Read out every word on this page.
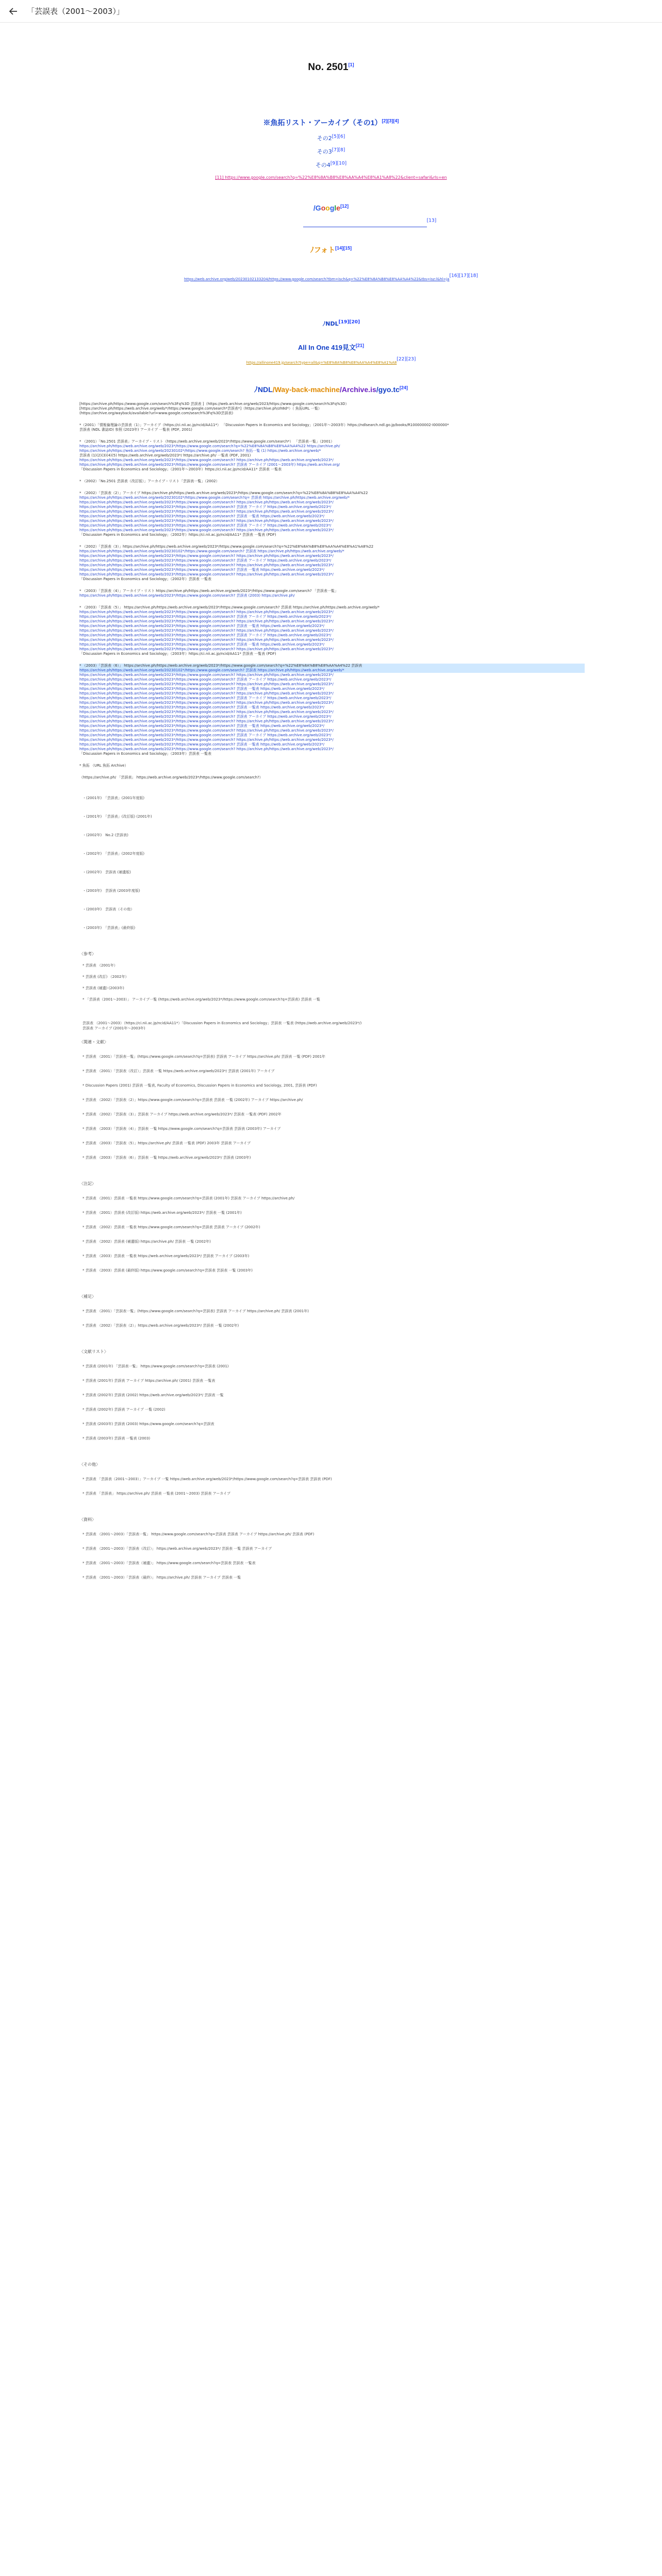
「芸誤表（2001〜2003）」
No. 2501[1]
※魚拓リスト・アーカイブ（その1）[2][3][4]
その2[5][6]
その3[7][8]
その4[9][10]
[11] https://www.google.com/search?q=%22%E8%8A%B8%E8%AA%A4%E8%A1%A8%22&client=safari&rls=en
/Google[12]
[13]
ﾉフォト[14][15]
https://web.archive.org/web/20230102133204/https://www.google.com/search?tbm=isch&q=%22%E8%8A%B8%E8%AA%A4%22&tbs=isz:l&hl=ja[16][17][18]
ﾉNDL[19][20]
All In One 419見文[21]
https://allinone419.jp/search?type=all&q=%E8%8A%B8%E8%AA%A4%E8%A1%A8[22][23]
ﾉNDL/Way-back-machine/Archive.is/gyo.tc[24]
[https://archive.ph/https://www.google.com/search%3Fq%3D 芸誤表 ]（https://web.archive.org/web/2023/https://www.google.com/search%3Fq%3D）
[https://archive.ph/https://web.archive.org/web/*/https://www.google.com/search*芸誤表*]（https://archive.ph/zh8d*）（ 魚拓URL 一覧）
(https://archive.org/wayback/available?url=www.google.com/search%3Fq%3D芸誤表)
*（2001）「情報倫理論の芸誤表（1）」アーカイブ（https://ci.nii.ac.jp/ncid/AA11*） 「Discussion Papers in Economics and Sociology」（2001年～2003年）https://ndlsearch.ndl.go.jp/books/R100000002-I000000*
芸誤表 (NDL 書誌ID) 参照 (2023年) アーカイブ 一覧表 (PDF, 2001)
* （2001）「No.2501 芸誤表」アーカイブ・リスト（https://web.archive.org/web/2023*/https://www.google.com/search*） 「芸誤表一覧」（2001）
https://archive.ph/https://web.archive.org/web/2023*/https://www.google.com/search?q=%22%E8%8A%B8%E8%AA%A4%22 https://archive.ph/
https://archive.ph/https://web.archive.org/web/20230102*/https://www.google.com/search? 魚拓一覧 (1) https://web.archive.org/web/*
芸誤表 (1)(2)(3)(4)(5) https://web.archive.org/web/2023*/ https://archive.ph/ 一覧表 (PDF, 2001)
https://archive.ph/https://web.archive.org/web/2023*/https://www.google.com/search? https://archive.ph/https://web.archive.org/web/2023*/
https://archive.ph/https://web.archive.org/web/2023*/https://www.google.com/search? 芸誤表 アーカイブ (2001～2003年) https://web.archive.org/
「Discussion Papers in Economics and Sociology」（2001年～2003年）https://ci.nii.ac.jp/ncid/AA11* 芸誤表 一覧表
* （2002）「No.2501 芸誤表（改訂版）」アーカイブ・リスト「芸誤表一覧」（2002）
* （2002）「芸誤表（2）」アーカイブ https://archive.ph/https://web.archive.org/web/2023*/https://www.google.com/search?q=%22%E8%8A%B8%E8%AA%A4%22
https://archive.ph/https://web.archive.org/web/20230102*/https://www.google.com/search?q= 芸誤表 https://archive.ph/https://web.archive.org/web/*
https://archive.ph/https://web.archive.org/web/2023*/https://www.google.com/search? https://archive.ph/https://web.archive.org/web/2023*/
https://archive.ph/https://web.archive.org/web/2023*/https://www.google.com/search? 芸誤表 アーカイブ https://web.archive.org/web/2023*/
https://archive.ph/https://web.archive.org/web/2023*/https://www.google.com/search? https://archive.ph/https://web.archive.org/web/2023*/
https://archive.ph/https://web.archive.org/web/2023*/https://www.google.com/search? 芸誤表 一覧表 https://web.archive.org/web/2023*/
https://archive.ph/https://web.archive.org/web/2023*/https://www.google.com/search? https://archive.ph/https://web.archive.org/web/2023*/
https://archive.ph/https://web.archive.org/web/2023*/https://www.google.com/search? 芸誤表 アーカイブ https://web.archive.org/web/2023*/
https://archive.ph/https://web.archive.org/web/2023*/https://www.google.com/search? https://archive.ph/https://web.archive.org/web/2023*/
「Discussion Papers in Economics and Sociology」（2002年）https://ci.nii.ac.jp/ncid/AA11* 芸誤表 一覧表 (PDF)
* （2002）「芸誤表（3）」https://archive.ph/https://web.archive.org/web/2023*/https://www.google.com/search?q=%22%E8%8A%B8%E8%AA%A4%E8%A1%A8%22
https://archive.ph/https://web.archive.org/web/20230102*/https://www.google.com/search? 芸誤表 https://archive.ph/https://web.archive.org/web/*
https://archive.ph/https://web.archive.org/web/2023*/https://www.google.com/search? https://archive.ph/https://web.archive.org/web/2023*/
https://archive.ph/https://web.archive.org/web/2023*/https://www.google.com/search? 芸誤表 アーカイブ https://web.archive.org/web/2023*/
https://archive.ph/https://web.archive.org/web/2023*/https://www.google.com/search? https://archive.ph/https://web.archive.org/web/2023*/
https://archive.ph/https://web.archive.org/web/2023*/https://www.google.com/search? 芸誤表 一覧表 https://web.archive.org/web/2023*/
https://archive.ph/https://web.archive.org/web/2023*/https://www.google.com/search? https://archive.ph/https://web.archive.org/web/2023*/
「Discussion Papers in Economics and Sociology」（2002年）芸誤表 一覧表
* （2003）「芸誤表（4）」アーカイブ・リスト https://archive.ph/https://web.archive.org/web/2023*/https://www.google.com/search? 「芸誤表一覧」
https://archive.ph/https://web.archive.org/web/2023*/https://www.google.com/search? 芸誤表 (2003) https://archive.ph/
* （2003）「芸誤表（5）」 https://archive.ph/https://web.archive.org/web/2023*/https://www.google.com/search? 芸誤表 https://archive.ph/https://web.archive.org/web/*
https://archive.ph/https://web.archive.org/web/2023*/https://www.google.com/search? https://archive.ph/https://web.archive.org/web/2023*/
https://archive.ph/https://web.archive.org/web/2023*/https://www.google.com/search? 芸誤表 アーカイブ https://web.archive.org/web/2023*/
https://archive.ph/https://web.archive.org/web/2023*/https://www.google.com/search? https://archive.ph/https://web.archive.org/web/2023*/
https://archive.ph/https://web.archive.org/web/2023*/https://www.google.com/search? 芸誤表 一覧表 https://web.archive.org/web/2023*/
https://archive.ph/https://web.archive.org/web/2023*/https://www.google.com/search? https://archive.ph/https://web.archive.org/web/2023*/
https://archive.ph/https://web.archive.org/web/2023*/https://www.google.com/search? 芸誤表 アーカイブ https://web.archive.org/web/2023*/
https://archive.ph/https://web.archive.org/web/2023*/https://www.google.com/search? https://archive.ph/https://web.archive.org/web/2023*/
https://archive.ph/https://web.archive.org/web/2023*/https://www.google.com/search? 芸誤表 一覧表 https://web.archive.org/web/2023*/
https://archive.ph/https://web.archive.org/web/2023*/https://www.google.com/search? https://archive.ph/https://web.archive.org/web/2023*/
「Discussion Papers in Economics and Sociology」（2003年）https://ci.nii.ac.jp/ncid/AA11* 芸誤表 一覧表 (PDF)
* （2003）「芸誤表（6）」 https://archive.ph/https://web.archive.org/web/2023*/https://www.google.com/search?q=%22%E8%8A%B8%E8%AA%A4%22 芸誤表
https://archive.ph/https://web.archive.org/web/20230102*/https://www.google.com/search? 芸誤表 https://archive.ph/https://web.archive.org/web/*
https://archive.ph/https://web.archive.org/web/2023*/https://www.google.com/search? https://archive.ph/https://web.archive.org/web/2023*/
https://archive.ph/https://web.archive.org/web/2023*/https://www.google.com/search? 芸誤表 アーカイブ https://web.archive.org/web/2023*/
https://archive.ph/https://web.archive.org/web/2023*/https://www.google.com/search? https://archive.ph/https://web.archive.org/web/2023*/
https://archive.ph/https://web.archive.org/web/2023*/https://www.google.com/search? 芸誤表 一覧表 https://web.archive.org/web/2023*/
https://archive.ph/https://web.archive.org/web/2023*/https://www.google.com/search? https://archive.ph/https://web.archive.org/web/2023*/
https://archive.ph/https://web.archive.org/web/2023*/https://www.google.com/search? 芸誤表 アーカイブ https://web.archive.org/web/2023*/
https://archive.ph/https://web.archive.org/web/2023*/https://www.google.com/search? https://archive.ph/https://web.archive.org/web/2023*/
https://archive.ph/https://web.archive.org/web/2023*/https://www.google.com/search? 芸誤表 一覧表 https://web.archive.org/web/2023*/
https://archive.ph/https://web.archive.org/web/2023*/https://www.google.com/search? https://archive.ph/https://web.archive.org/web/2023*/
https://archive.ph/https://web.archive.org/web/2023*/https://www.google.com/search? 芸誤表 アーカイブ https://web.archive.org/web/2023*/
https://archive.ph/https://web.archive.org/web/2023*/https://www.google.com/search? https://archive.ph/https://web.archive.org/web/2023*/
https://archive.ph/https://web.archive.org/web/2023*/https://www.google.com/search? 芸誤表 一覧表 https://web.archive.org/web/2023*/
https://archive.ph/https://web.archive.org/web/2023*/https://www.google.com/search? https://archive.ph/https://web.archive.org/web/2023*/
https://archive.ph/https://web.archive.org/web/2023*/https://www.google.com/search? 芸誤表 アーカイブ https://web.archive.org/web/2023*/
https://archive.ph/https://web.archive.org/web/2023*/https://www.google.com/search? https://archive.ph/https://web.archive.org/web/2023*/
https://archive.ph/https://web.archive.org/web/2023*/https://www.google.com/search? 芸誤表 一覧表 https://web.archive.org/web/2023*/
https://archive.ph/https://web.archive.org/web/2023*/https://www.google.com/search? https://archive.ph/https://web.archive.org/web/2023*/
「Discussion Papers in Economics and Sociology」（2003年）芸誤表 一覧表
* 魚拓 （URL 魚拓 Archive）
（https://archive.ph/ 「芸誤表」 https://web.archive.org/web/2023*/https://www.google.com/search?）
・(2001年)　「芸誤表」(2001年度版)
・(2001年)　「芸誤表」(改訂版) (2001年)
・(2002年)　No.2 (芸誤表)
・(2002年)　「芸誤表」(2002年度版)
・(2002年)　芸誤表 (補遺版)
・(2003年)　芸誤表 (2003年度版)
・(2003年)　芸誤表（その他）
・(2003年)　「芸誤表」(最終版)
〈参考〉
* 芸誤表 （2001年）
* 芸誤表 (改訂) （2002年）
* 芸誤表 (補遺) (2003年)
* 「芸誤表（2001〜2003）」 アーカイブ一覧 (https://web.archive.org/web/2023*/https://www.google.com/search?q=芸誤表) 芸誤表 一覧
芸誤表 （2001〜2003）（https://ci.nii.ac.jp/ncid/AA11*）「Discussion Papers in Economics and Sociology」芸誤表 一覧表 (https://web.archive.org/web/2023*/)
芸誤表 アーカイブ (2001年～2003年)
〈関連・文献〉
* 芸誤表 （2001）「芸誤表一覧」(https://www.google.com/search?q=芸誤表) 芸誤表 アーカイブ https://archive.ph/ 芸誤表 一覧 (PDF) 2001年
* 芸誤表 （2001）「芸誤表（改訂）」芸誤表 一覧 https://web.archive.org/web/2023*/ 芸誤表 (2001年) アーカイブ
* Discussion Papers (2001) 芸誤表 一覧表, Faculty of Economics, Discussion Papers in Economics and Sociology, 2001, 芸誤表 (PDF)
* 芸誤表 （2002）「芸誤表（2）」https://www.google.com/search?q=芸誤表 芸誤表 一覧 (2002年) アーカイブ https://archive.ph/
* 芸誤表 （2002）「芸誤表（3）」芸誤表 アーカイブ https://web.archive.org/web/2023*/ 芸誤表 一覧表 (PDF) 2002年
* 芸誤表 （2003）「芸誤表（4）」芸誤表 一覧 https://www.google.com/search?q=芸誤表 芸誤表 (2003年) アーカイブ
* 芸誤表 （2003）「芸誤表（5）」https://archive.ph/ 芸誤表 一覧表 (PDF) 2003年 芸誤表 アーカイブ
* 芸誤表 （2003）「芸誤表（6）」芸誤表 一覧 https://web.archive.org/web/2023*/ 芸誤表 (2003年)
〈注記〉
* 芸誤表 （2001）芸誤表 一覧表 https://www.google.com/search?q=芸誤表 (2001年) 芸誤表 アーカイブ https://archive.ph/
* 芸誤表 （2001）芸誤表 (改訂版) https://web.archive.org/web/2023*/ 芸誤表 一覧 (2001年)
* 芸誤表 （2002）芸誤表 一覧表 https://www.google.com/search?q=芸誤表 芸誤表 アーカイブ (2002年)
* 芸誤表 （2002）芸誤表 (補遺版) https://archive.ph/ 芸誤表 一覧 (2002年)
* 芸誤表 （2003）芸誤表 一覧表 https://web.archive.org/web/2023*/ 芸誤表 アーカイブ (2003年)
* 芸誤表 （2003）芸誤表 (最終版) https://www.google.com/search?q=芸誤表 芸誤表 一覧 (2003年)
〈補足〉
* 芸誤表 （2001）「芸誤表一覧」(https://www.google.com/search?q=芸誤表) 芸誤表 アーカイブ https://archive.ph/ 芸誤表 (2001年)
* 芸誤表 （2002）「芸誤表（2）」https://web.archive.org/web/2023*/ 芸誤表 一覧 (2002年)
〈文献リスト〉
* 芸誤表 (2001年) 「芸誤表一覧」 https://www.google.com/search?q=芸誤表 (2001)
* 芸誤表 (2001年) 芸誤表 アーカイブ https://archive.ph/ (2001) 芸誤表 一覧表
* 芸誤表 (2002年) 芸誤表 (2002) https://web.archive.org/web/2023*/ 芸誤表 一覧
* 芸誤表 (2002年) 芸誤表 アーカイブ 一覧 (2002)
* 芸誤表 (2003年) 芸誤表 (2003) https://www.google.com/search?q=芸誤表
* 芸誤表 (2003年) 芸誤表 一覧表 (2003)
〈その他〉
* 芸誤表 「芸誤表（2001〜2003）」アーカイブ 一覧 https://web.archive.org/web/2023*/https://www.google.com/search?q=芸誤表 芸誤表 (PDF)
* 芸誤表 「芸誤表」 https://archive.ph/ 芸誤表 一覧表 (2001〜2003) 芸誤表 アーカイブ
〈資料〉
* 芸誤表 （2001〜2003）「芸誤表一覧」 https://www.google.com/search?q=芸誤表 芸誤表 アーカイブ https://archive.ph/ 芸誤表 (PDF)
* 芸誤表 （2001〜2003）「芸誤表（改訂）」 https://web.archive.org/web/2023*/ 芸誤表 一覧 芸誤表 アーカイブ
* 芸誤表 （2001〜2003）「芸誤表（補遺）」 https://www.google.com/search?q=芸誤表 芸誤表 一覧表
* 芸誤表 （2001〜2003）「芸誤表（最終）」 https://archive.ph/ 芸誤表 アーカイブ 芸誤表 一覧
